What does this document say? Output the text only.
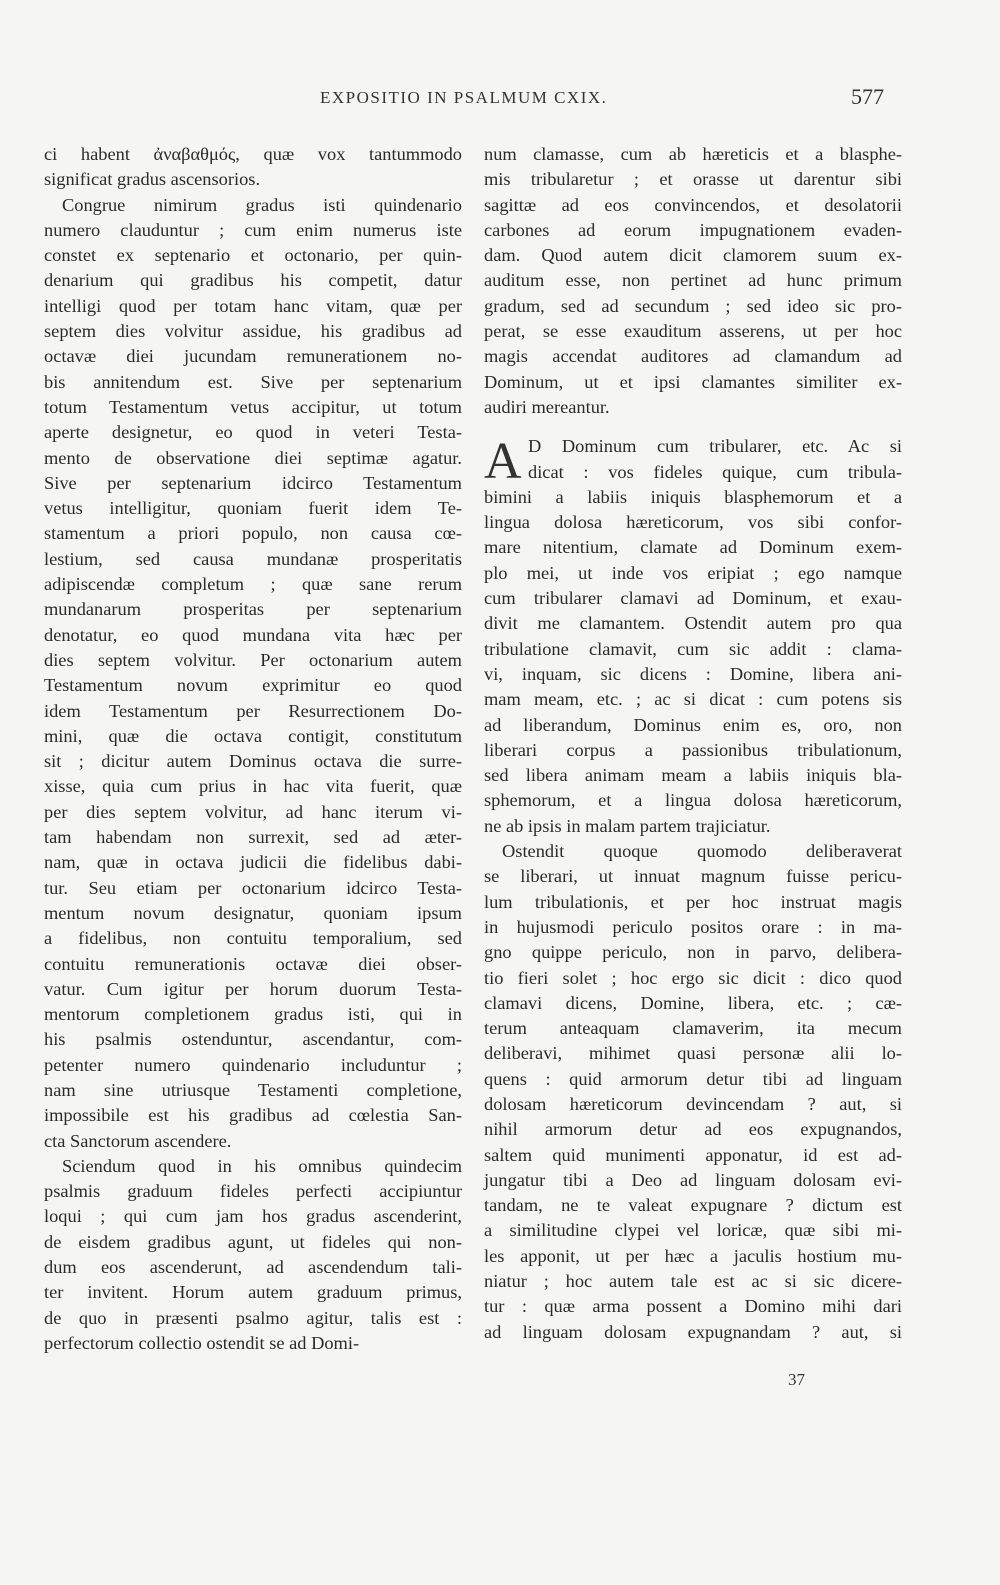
EXPOSITIO IN PSALMUM CXIX.	577
ci habent ἀναβαθμός, quæ vox tantummodo
significat gradus ascensorios.
Congrue nimirum gradus isti quindenario
numero clauduntur ; cum enim numerus iste
constet ex septenario et octonario, per quin-
denarium qui gradibus his competit, datur
intelligi quod per totam hanc vitam, quæ per
septem dies volvitur assidue, his gradibus ad
octavæ diei jucundam remunerationem no-
bis annitendum est. Sive per septenarium
totum Testamentum vetus accipitur, ut totum
aperte designetur, eo quod in veteri Testa-
mento de observatione diei septimæ agatur.
Sive per septenarium idcirco Testamentum
vetus intelligitur, quoniam fuerit idem Te-
stamentum a priori populo, non causa cœ-
lestium, sed causa mundanæ prosperitatis
adipiscendæ completum ; quæ sane rerum
mundanarum prosperitas per septenarium
denotatur, eo quod mundana vita hæc per
dies septem volvitur. Per octonarium autem
Testamentum novum exprimitur eo quod
idem Testamentum per Resurrectionem Do-
mini, quæ die octava contigit, constitutum
sit ; dicitur autem Dominus octava die surre-
xisse, quia cum prius in hac vita fuerit, quæ
per dies septem volvitur, ad hanc iterum vi-
tam habendam non surrexit, sed ad æter-
nam, quæ in octava judicii die fidelibus dabi-
tur. Seu etiam per octonarium idcirco Testa-
mentum novum designatur, quoniam ipsum
a fidelibus, non contuitu temporalium, sed
contuitu remunerationis octavæ diei obser-
vatur. Cum igitur per horum duorum Testa-
mentorum completionem gradus isti, qui in
his psalmis ostenduntur, ascendantur, com-
petenter numero quindenario includuntur ;
nam sine utriusque Testamenti completione,
impossibile est his gradibus ad cœlestia San-
cta Sanctorum ascendere.
Sciendum quod in his omnibus quindecim
psalmis graduum fideles perfecti accipiuntur
loqui ; qui cum jam hos gradus ascenderint,
de eisdem gradibus agunt, ut fideles qui non-
dum eos ascenderunt, ad ascendendum tali-
ter invitent. Horum autem graduum primus,
de quo in præsenti psalmo agitur, talis est :
perfectorum collectio ostendit se ad Domi-
num clamasse, cum ab hæreticis et a blasphe-
mis tribularetur ; et orasse ut darentur sibi
sagittæ ad eos convincendos, et desolatorii
carbones ad eorum impugnationem evaden-
dam. Quod autem dicit clamorem suum ex-
auditum esse, non pertinet ad hunc primum
gradum, sed ad secundum ; sed ideo sic pro-
perat, se esse exauditum asserens, ut per hoc
magis accendat auditores ad clamandum ad
Dominum, ut et ipsi clamantes similiter ex-
audiri mereantur.
A D Dominum cum tribularer, etc. Ac si
dicat : vos fideles quique, cum tribula-
bimini a labiis iniquis blasphemorum et a
lingua dolosa hæreticorum, vos sibi confor-
mare nitentium, clamate ad Dominum exem-
plo mei, ut inde vos eripiat ; ego namque
cum tribularer clamavi ad Dominum, et exau-
divit me clamantem. Ostendit autem pro qua
tribulatione clamavit, cum sic addit : clama-
vi, inquam, sic dicens : Domine, libera ani-
mam meam, etc. ; ac si dicat : cum potens sis
ad liberandum, Dominus enim es, oro, non
liberari corpus a passionibus tribulationum,
sed libera animam meam a labiis iniquis bla-
sphemorum, et a lingua dolosa hæreticorum,
ne ab ipsis in malam partem trajiciatur.
Ostendit quoque quomodo deliberaverat
se liberari, ut innuat magnum fuisse pericu-
lum tribulationis, et per hoc instruat magis
in hujusmodi periculo positos orare : in ma-
gno quippe periculo, non in parvo, delibera-
tio fieri solet ; hoc ergo sic dicit : dico quod
clamavi dicens, Domine, libera, etc. ; cæ-
terum anteaquam clamaverim, ita mecum
deliberavi, mihimet quasi personæ alii lo-
quens : quid armorum detur tibi ad linguam
dolosam hæreticorum devincendam ? aut, si
nihil armorum detur ad eos expugnandos,
saltem quid munimenti apponatur, id est ad-
jungatur tibi a Deo ad linguam dolosam evi-
tandam, ne te valeat expugnare ? dictum est
a similitudine clypei vel loricæ, quæ sibi mi-
les apponit, ut per hæc a jaculis hostium mu-
niatur ; hoc autem tale est ac si sic dicere-
tur : quæ arma possent a Domino mihi dari
ad linguam dolosam expugnandam ? aut, si
37
